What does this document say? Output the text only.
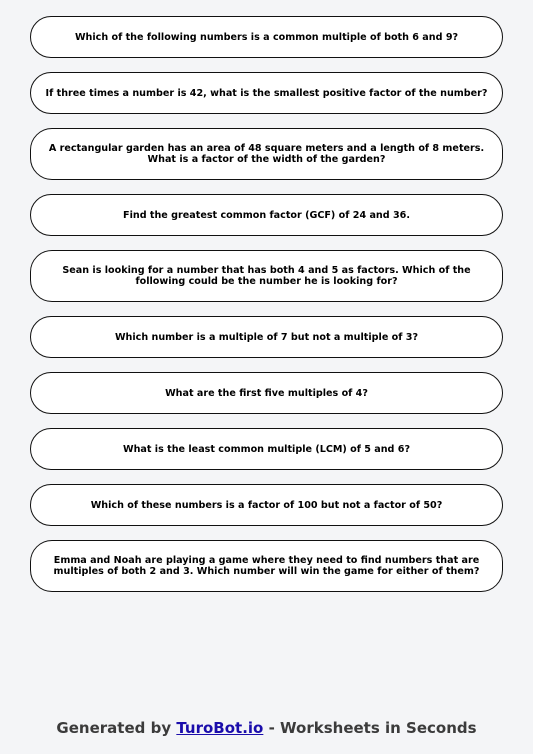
Which of the following numbers is a common multiple of both 6 and 9?
If three times a number is 42, what is the smallest positive factor of the number?
A rectangular garden has an area of 48 square meters and a length of 8 meters. What is a factor of the width of the garden?
Find the greatest common factor (GCF) of 24 and 36.
Sean is looking for a number that has both 4 and 5 as factors. Which of the following could be the number he is looking for?
Which number is a multiple of 7 but not a multiple of 3?
What are the first five multiples of 4?
What is the least common multiple (LCM) of 5 and 6?
Which of these numbers is a factor of 100 but not a factor of 50?
Emma and Noah are playing a game where they need to find numbers that are multiples of both 2 and 3. Which number will win the game for either of them?
Generated by TuroBot.io - Worksheets in Seconds
